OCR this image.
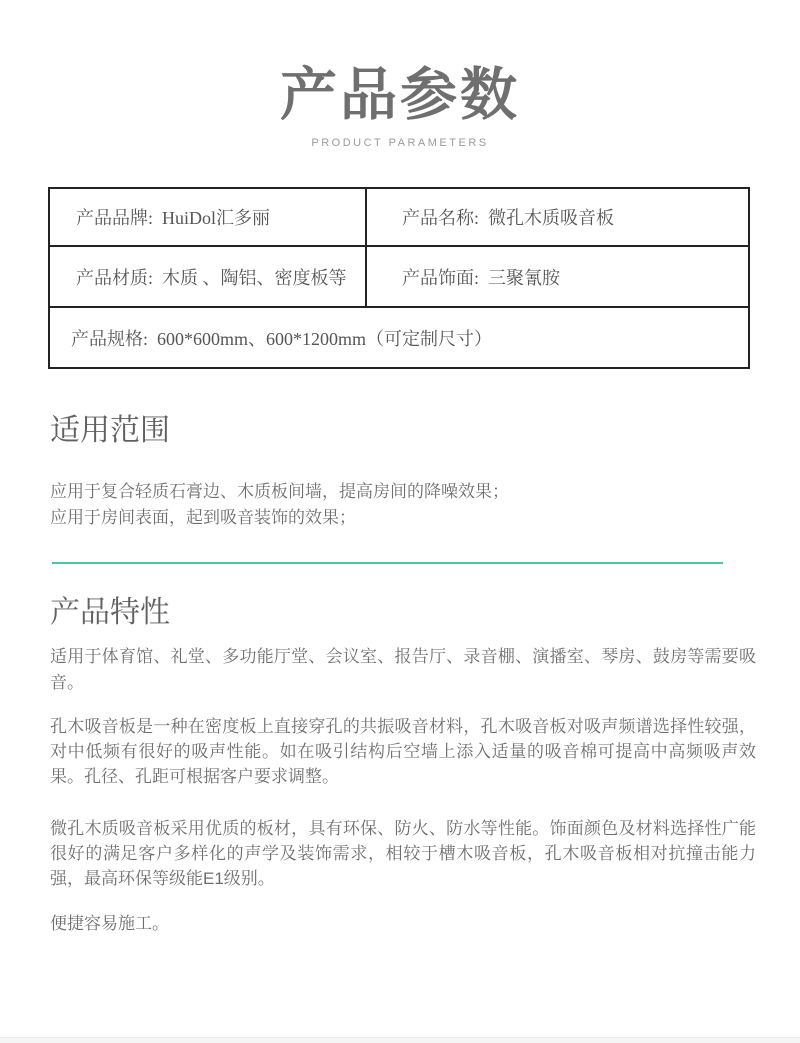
产品参数
PRODUCT PARAMETERS
产品品牌: HuiDol汇多丽	产品名称: 微孔木质吸音板
产品材质: 木质 、陶铝、密度板等	产品饰面: 三聚氰胺
产品规格: 600*600mm、600*1200mm（可定制尺寸）	
适用范围
应用于复合轻质石膏边、木质板间墙，提高房间的降噪效果；
应用于房间表面，起到吸音装饰的效果；
产品特性

适用于体育馆、礼堂、多功能厅堂、会议室、报告厅、录音棚、演播室、琴房、鼓房等需要吸音。

孔木吸音板是一种在密度板上直接穿孔的共振吸音材料，孔木吸音板对吸声频谱选择性较强，对中低频有很好的吸声性能。如在吸引结构后空墙上添入适量的吸音棉可提高中高频吸声效果。孔径、孔距可根据客户要求调整。

微孔木质吸音板采用优质的板材，具有环保、防火、防水等性能。饰面颜色及材料选择性广能很好的满足客户多样化的声学及装饰需求，相较于槽木吸音板，孔木吸音板相对抗撞击能力强，最高环保等级能E1级别。

便捷容易施工。
